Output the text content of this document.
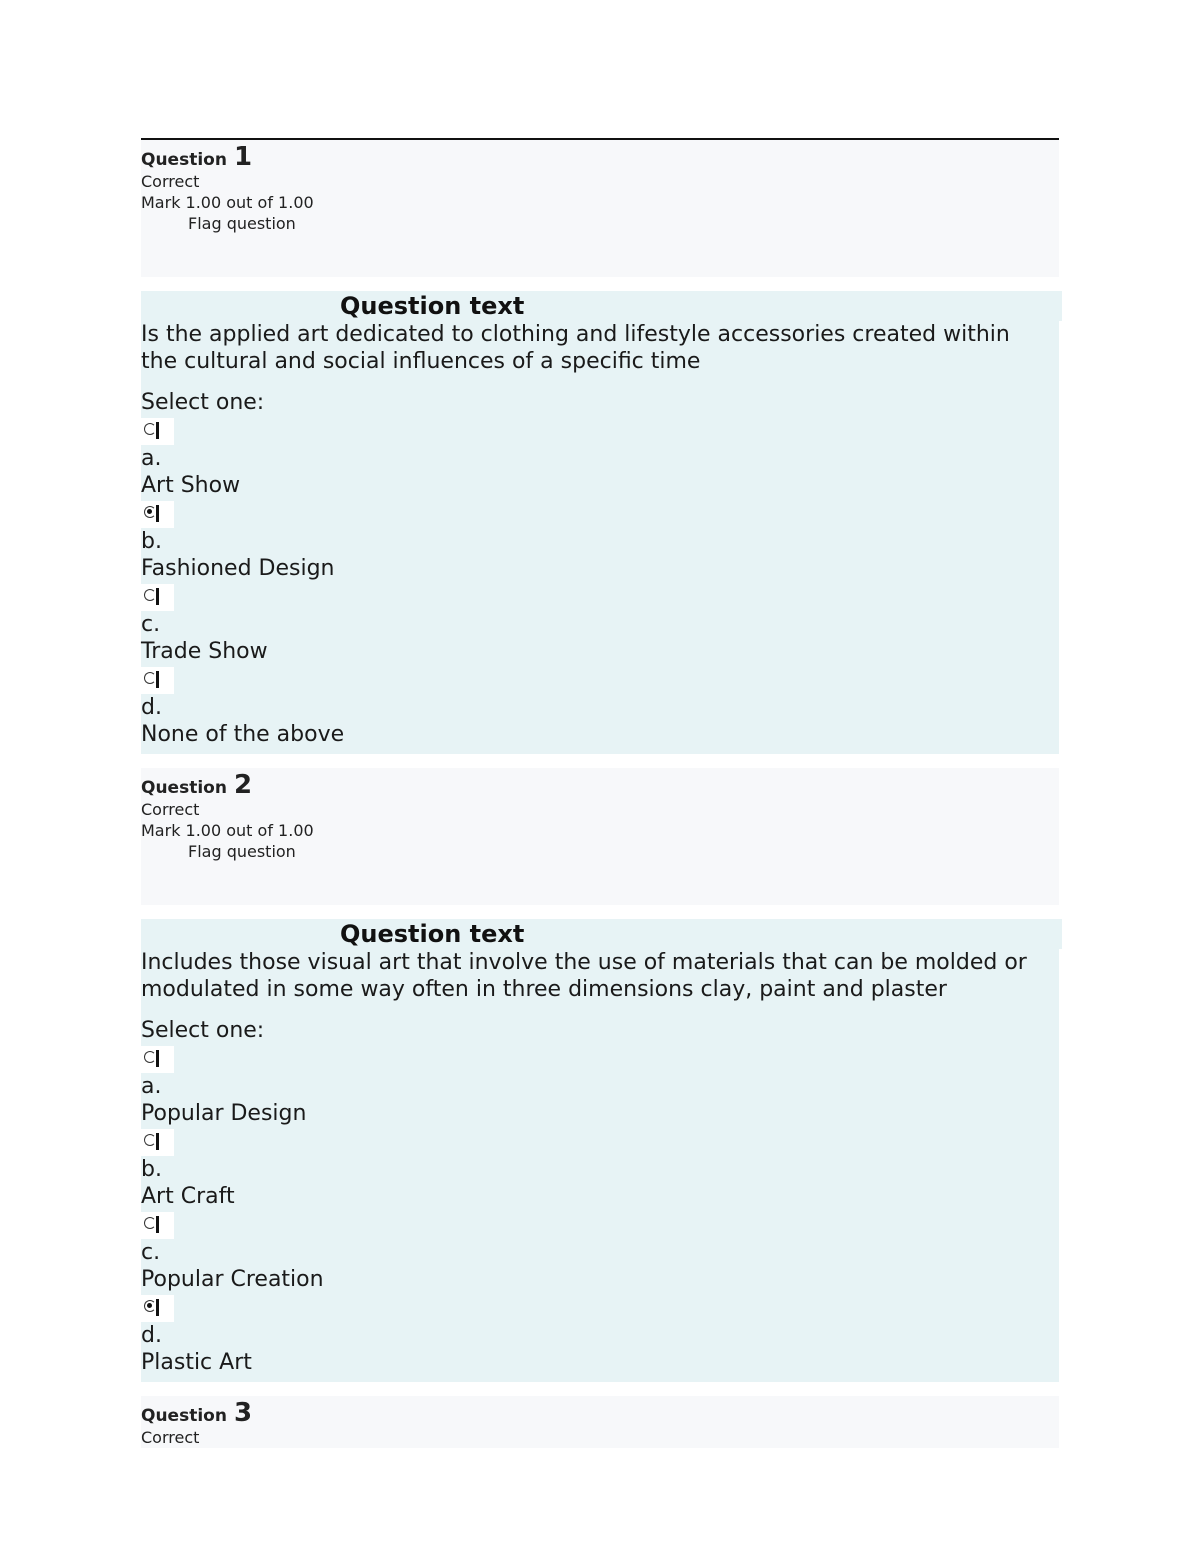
Question 1
Correct
Mark 1.00 out of 1.00
Flag question
Question text
Is the applied art dedicated to clothing and lifestyle accessories created within the cultural and social influences of a specific time
Select one:
a.
Art Show
b.
Fashioned Design
c.
Trade Show
d.
None of the above
Question 2
Correct
Mark 1.00 out of 1.00
Flag question
Question text
Includes those visual art that involve the use of materials that can be molded or modulated in some way often in three dimensions clay, paint and plaster
Select one:
a.
Popular Design
b.
Art Craft
c.
Popular Creation
d.
Plastic Art
Question 3
Correct
